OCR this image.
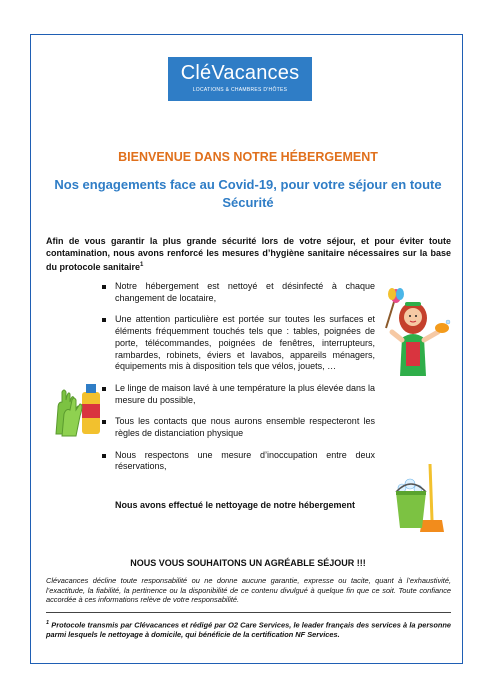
CléVacances
LOCATIONS & CHAMBRES D'HÔTES
BIENVENUE DANS NOTRE HÉBERGEMENT
Nos engagements face au Covid-19, pour votre séjour en toute Sécurité
Afin de vous garantir la plus grande sécurité lors de votre séjour, et pour éviter toute contamination, nous avons renforcé les mesures d’hygiène sanitaire nécessaires sur la base du protocole sanitaire$^1$
Notre hébergement est nettoyé et désinfecté à chaque changement de locataire,
Une attention particulière est portée sur toutes les surfaces et éléments fréquemment touchés tels que : tables, poignées de porte, télécommandes, poignées de fenêtres, interrupteurs, rambardes, robinets, éviers et lavabos, appareils ménagers, équipements mis à disposition tels que vélos, jouets, …
Le linge de maison lavé à une température la plus élevée dans la mesure du possible,
Tous les contacts que nous aurons ensemble respecteront les règles de distanciation physique
Nous respectons une mesure d’inoccupation entre deux réservations,
Nous avons effectué le nettoyage de notre hébergement
NOUS VOUS SOUHAITONS UN AGRÉABLE SÉJOUR !!!
Clévacances décline toute responsabilité ou ne donne aucune garantie, expresse ou tacite, quant à l’exhaustivité, l’exactitude, la fiabilité, la pertinence ou la disponibilité de ce contenu divulgué à quelque fin que ce soit. Toute confiance accordée à ces informations relève de votre responsabilité.
$^1$ Protocole transmis par Clévacances et rédigé par O2 Care Services, le leader français des services à la personne parmi lesquels le nettoyage à domicile, qui bénéficie de la certification NF Services.
